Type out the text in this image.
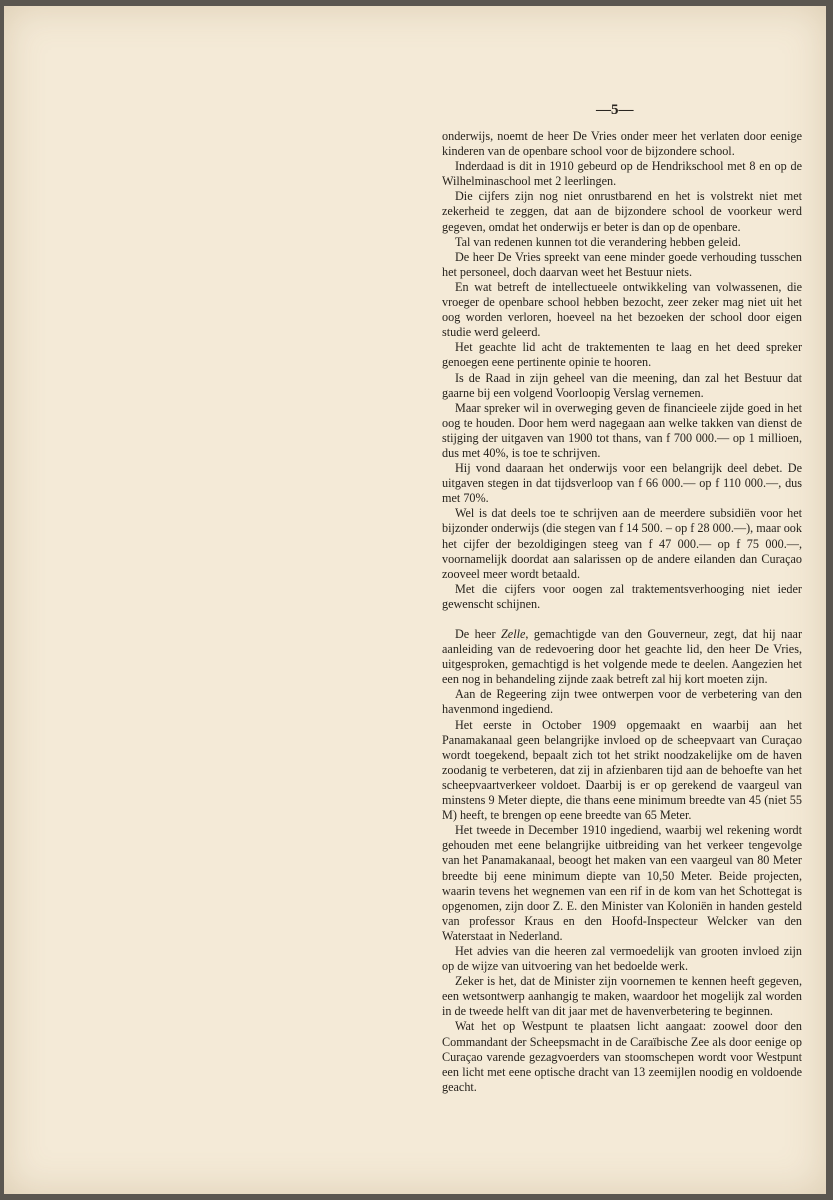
—5—

onderwijs, noemt de heer De Vries onder meer het verlaten door eenige kinderen van de openbare school voor de bijzondere school.

Inderdaad is dit in 1910 gebeurd op de Hendrikschool met 8 en op de Wilhelminaschool met 2 leerlingen.

Die cijfers zijn nog niet onrustbarend en het is volstrekt niet met zekerheid te zeggen, dat aan de bijzondere school de voorkeur werd gegeven, omdat het onderwijs er beter is dan op de openbare.

Tal van redenen kunnen tot die verandering hebben geleid.

De heer De Vries spreekt van eene minder goede verhouding tusschen het personeel, doch daarvan weet het Bestuur niets.

En wat betreft de intellectueele ontwikkeling van volwassenen, die vroeger de openbare school hebben bezocht, zeer zeker mag niet uit het oog worden verloren, hoeveel na het bezoeken der school door eigen studie werd geleerd.

Het geachte lid acht de traktementen te laag en het deed spreker genoegen eene pertinente opinie te hooren.

Is de Raad in zijn geheel van die meening, dan zal het Bestuur dat gaarne bij een volgend Voorloopig Verslag vernemen.

Maar spreker wil in overweging geven de financieele zijde goed in het oog te houden. Door hem werd nagegaan aan welke takken van dienst de stijging der uitgaven van 1900 tot thans, van f 700 000.— op 1 millioen, dus met 40%, is toe te schrijven.

Hij vond daaraan het onderwijs voor een belangrijk deel debet. De uitgaven stegen in dat tijdsverloop van f 66 000.— op f 110 000.—, dus met 70%.

Wel is dat deels toe te schrijven aan de meerdere subsidiën voor het bijzonder onderwijs (die stegen van f 14 500. – op f 28 000.—), maar ook het cijfer der bezoldigingen steeg van f 47 000.— op f 75 000.—, voornamelijk doordat aan salarissen op de andere eilanden dan Curaçao zooveel meer wordt betaald.

Met die cijfers voor oogen zal traktementsverhooging niet ieder gewenscht schijnen.

De heer Zelle, gemachtigde van den Gouverneur, zegt, dat hij naar aanleiding van de redevoering door het geachte lid, den heer De Vries, uitgesproken, gemachtigd is het volgende mede te deelen. Aangezien het een nog in behandeling zijnde zaak betreft zal hij kort moeten zijn.

Aan de Regeering zijn twee ontwerpen voor de verbetering van den havenmond ingediend.

Het eerste in October 1909 opgemaakt en waarbij aan het Panamakanaal geen belangrijke invloed op de scheepvaart van Curaçao wordt toegekend, bepaalt zich tot het strikt noodzakelijke om de haven zoodanig te verbeteren, dat zij in afzienbaren tijd aan de behoefte van het scheepvaartverkeer voldoet. Daarbij is er op gerekend de vaargeul van minstens 9 Meter diepte, die thans eene minimum breedte van 45 (niet 55 M) heeft, te brengen op eene breedte van 65 Meter.

Het tweede in December 1910 ingediend, waarbij wel rekening wordt gehouden met eene belangrijke uitbreiding van het verkeer tengevolge van het Panamakanaal, beoogt het maken van een vaargeul van 80 Meter breedte bij eene minimum diepte van 10,50 Meter. Beide projecten, waarin tevens het wegnemen van een rif in de kom van het Schottegat is opgenomen, zijn door Z. E. den Minister van Koloniën in handen gesteld van professor Kraus en den Hoofd-Inspecteur Welcker van den Waterstaat in Nederland.

Het advies van die heeren zal vermoedelijk van grooten invloed zijn op de wijze van uitvoering van het bedoelde werk.

Zeker is het, dat de Minister zijn voornemen te kennen heeft gegeven, een wetsontwerp aanhangig te maken, waardoor het mogelijk zal worden in de tweede helft van dit jaar met de havenverbetering te beginnen.

Wat het op Westpunt te plaatsen licht aangaat: zoowel door den Commandant der Scheepsmacht in de Caraïbische Zee als door eenige op Curaçao varende gezagvoerders van stoomschepen wordt voor Westpunt een licht met eene optische dracht van 13 zeemijlen noodig en voldoende geacht.
